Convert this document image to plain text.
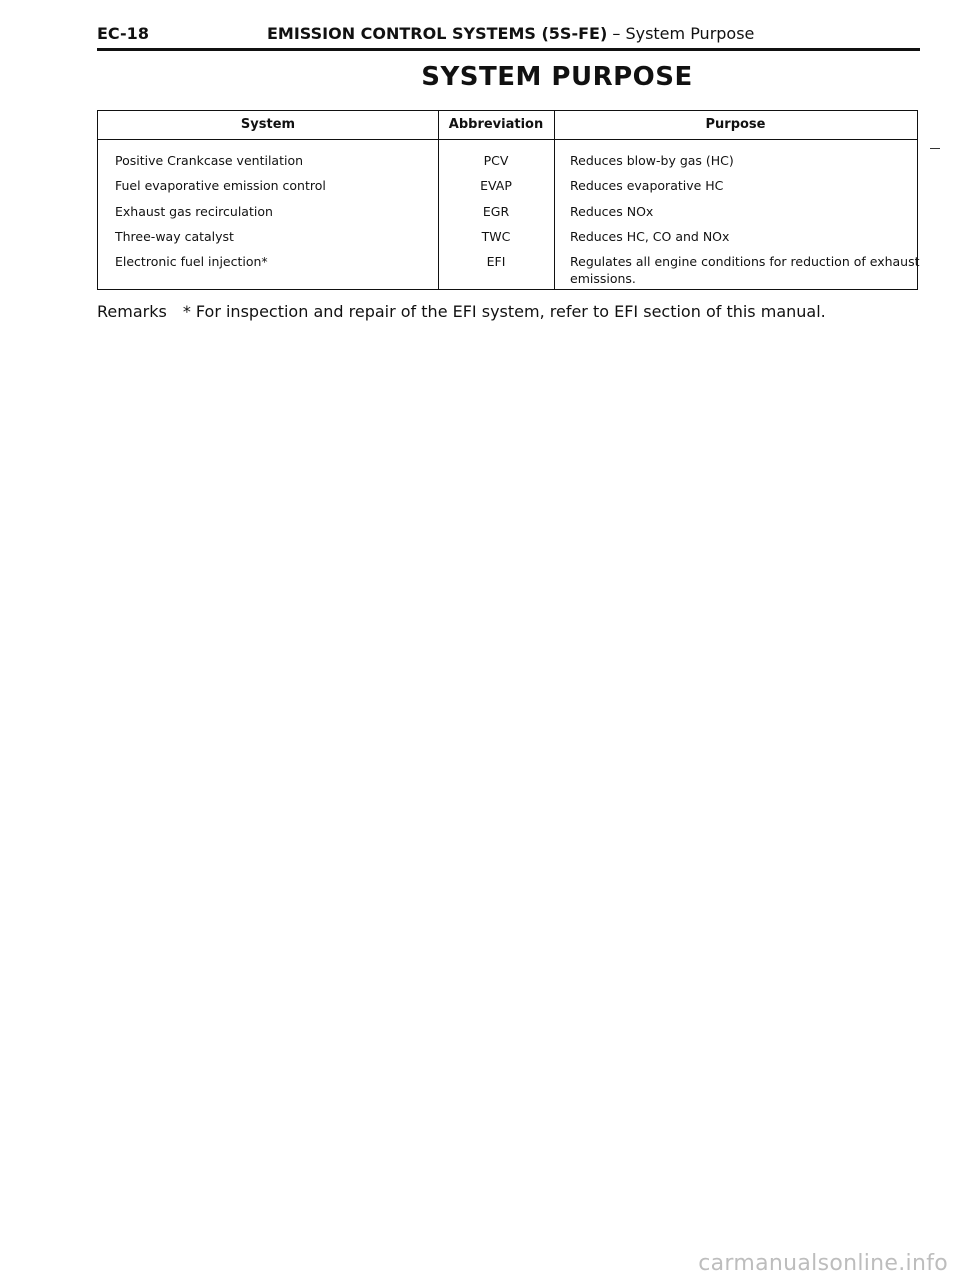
EC-18	EMISSION CONTROL SYSTEMS (5S-FE) – System Purpose
SYSTEM PURPOSE
System	Abbreviation	Purpose
Positive Crankcase ventilation	PCV	Reduces blow-by gas (HC)
Fuel evaporative emission control	EVAP	Reduces evaporative HC
Exhaust gas recirculation	EGR	Reduces NOx
Three-way catalyst	TWC	Reduces HC, CO and NOx
Electronic fuel injection*	EFI	Regulates all engine conditions for reduction of exhaust emissions.
Remarks * For inspection and repair of the EFI system, refer to EFI section of this manual.
carmanualsonline.info
